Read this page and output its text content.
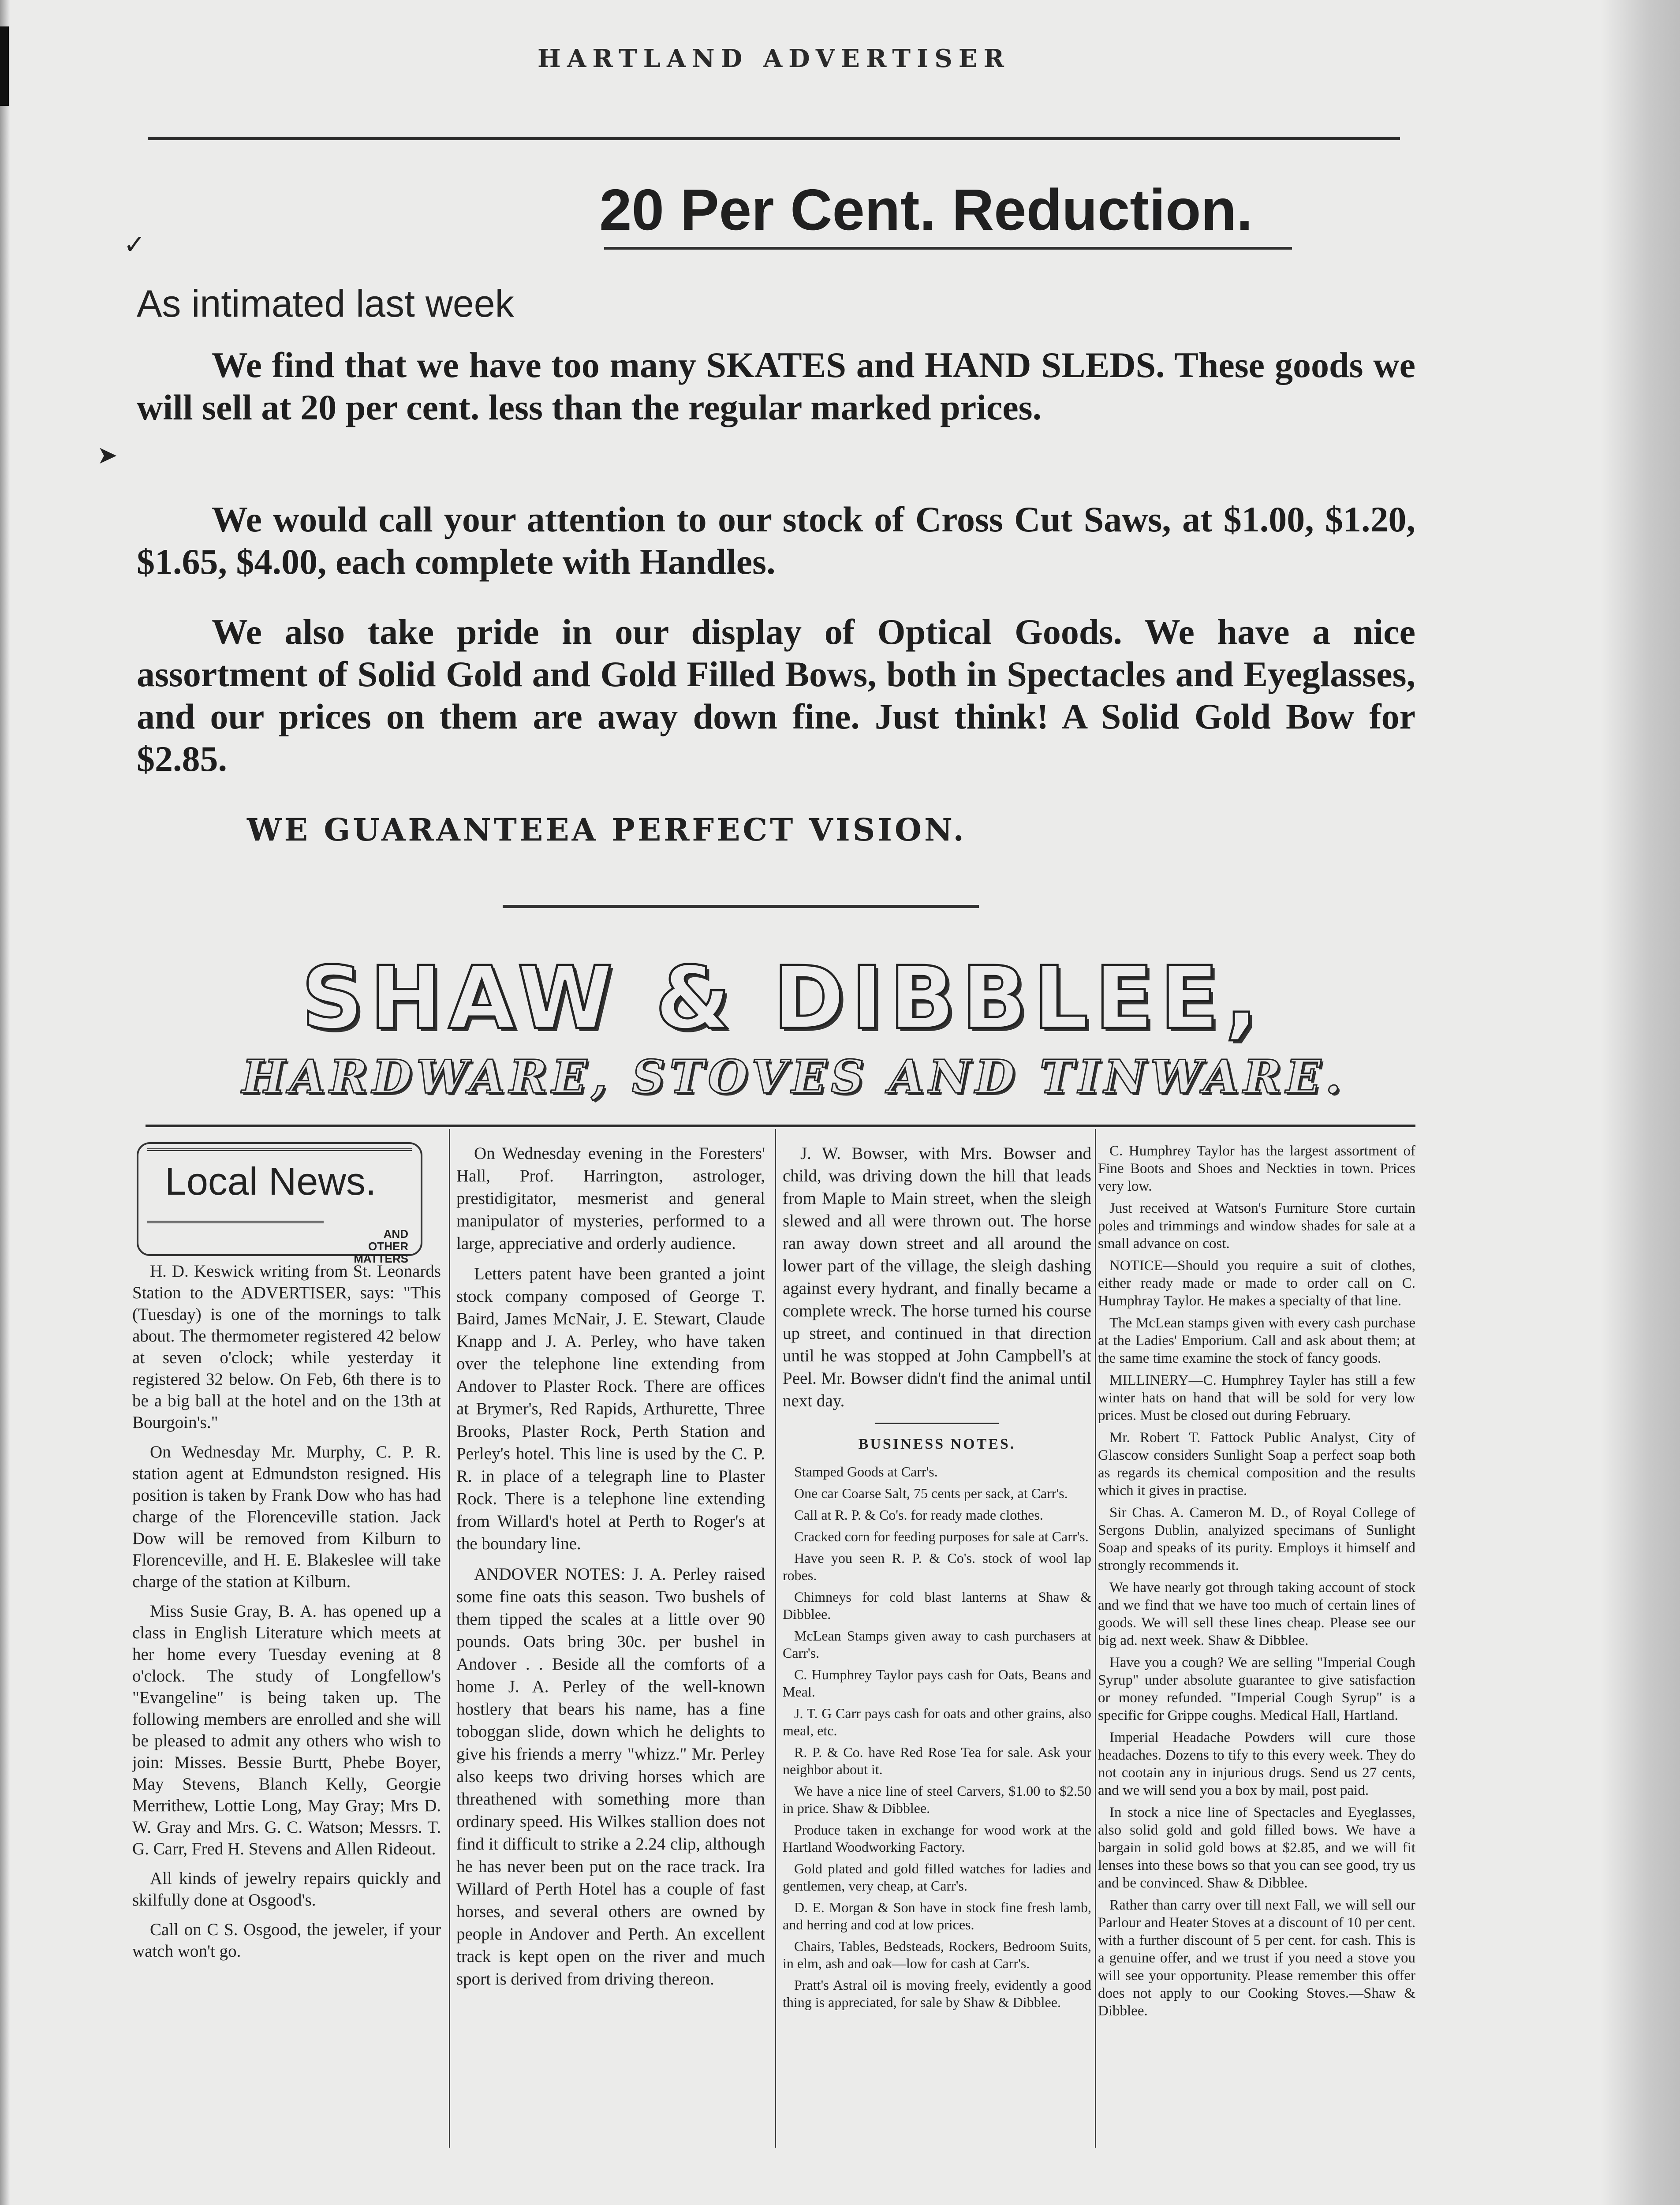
✓
➤
HARTLAND ADVERTISER
20 Per Cent. Reduction.
As intimated last week
We find that we have too many SKATES and HAND SLEDS. These goods we will sell at 20 per cent. less than the regular marked prices.
We would call your attention to our stock of Cross Cut Saws, at $1.00, $1.20, $1.65, $4.00, each complete with Handles.
We also take pride in our display of Optical Goods. We have a nice assortment of Solid Gold and Gold Filled Bows, both in Spectacles and Eyeglasses, and our prices on them are away down fine. Just think! A Solid Gold Bow for $2.85.
WE GUARANTEEA PERFECT VISION.
SHAW & DIBBLEE,
HARDWARE, STOVES AND TINWARE.
Local News.
AND OTHER MATTERS

H. D. Keswick writing from St. Leonards Station to the ADVERTISER, says: "This (Tuesday) is one of the mornings to talk about. The thermometer registered 42 below at seven o'clock; while yesterday it registered 32 below. On Feb, 6th there is to be a big ball at the hotel and on the 13th at Bourgoin's."

On Wednesday Mr. Murphy, C. P. R. station agent at Edmundston resigned. His position is taken by Frank Dow who has had charge of the Florenceville station. Jack Dow will be removed from Kilburn to Florenceville, and H. E. Blakeslee will take charge of the station at Kilburn.

Miss Susie Gray, B. A. has opened up a class in English Literature which meets at her home every Tuesday evening at 8 o'clock. The study of Longfellow's "Evangeline" is being taken up. The following members are enrolled and she will be pleased to admit any others who wish to join: Misses. Bessie Burtt, Phebe Boyer, May Stevens, Blanch Kelly, Georgie Merrithew, Lottie Long, May Gray; Mrs D. W. Gray and Mrs. G. C. Watson; Messrs. T. G. Carr, Fred H. Stevens and Allen Rideout.

All kinds of jewelry repairs quickly and skilfully done at Osgood's.

Call on C S. Osgood, the jeweler, if your watch won't go.

On Wednesday evening in the Foresters' Hall, Prof. Harrington, astrologer, prestidigitator, mesmerist and general manipulator of mysteries, performed to a large, appreciative and orderly audience.

Letters patent have been granted a joint stock company composed of George T. Baird, James McNair, J. E. Stewart, Claude Knapp and J. A. Perley, who have taken over the telephone line extending from Andover to Plaster Rock. There are offices at Brymer's, Red Rapids, Arthurette, Three Brooks, Plaster Rock, Perth Station and Perley's hotel. This line is used by the C. P. R. in place of a telegraph line to Plaster Rock. There is a telephone line extending from Willard's hotel at Perth to Roger's at the boundary line.

ANDOVER NOTES: J. A. Perley raised some fine oats this season. Two bushels of them tipped the scales at a little over 90 pounds. Oats bring 30c. per bushel in Andover . . Beside all the comforts of a home J. A. Perley of the well-known hostlery that bears his name, has a fine toboggan slide, down which he delights to give his friends a merry "whizz." Mr. Perley also keeps two driving horses which are threathened with something more than ordinary speed. His Wilkes stallion does not find it difficult to strike a 2.24 clip, although he has never been put on the race track. Ira Willard of Perth Hotel has a couple of fast horses, and several others are owned by people in Andover and Perth. An excellent track is kept open on the river and much sport is derived from driving thereon.

J. W. Bowser, with Mrs. Bowser and child, was driving down the hill that leads from Maple to Main street, when the sleigh slewed and all were thrown out. The horse ran away down street and all around the lower part of the village, the sleigh dashing against every hydrant, and finally became a complete wreck. The horse turned his course up street, and continued in that direction until he was stopped at John Campbell's at Peel. Mr. Bowser didn't find the animal until next day.

BUSINESS NOTES.

Stamped Goods at Carr's.

One car Coarse Salt, 75 cents per sack, at Carr's.

Call at R. P. & Co's. for ready made clothes.

Cracked corn for feeding purposes for sale at Carr's.

Have you seen R. P. & Co's. stock of wool lap robes.

Chimneys for cold blast lanterns at Shaw & Dibblee.

McLean Stamps given away to cash purchasers at Carr's.

C. Humphrey Taylor pays cash for Oats, Beans and Meal.

J. T. G Carr pays cash for oats and other grains, also meal, etc.

R. P. & Co. have Red Rose Tea for sale. Ask your neighbor about it.

We have a nice line of steel Carvers, $1.00 to $2.50 in price. Shaw & Dibblee.

Produce taken in exchange for wood work at the Hartland Woodworking Factory.

Gold plated and gold filled watches for ladies and gentlemen, very cheap, at Carr's.

D. E. Morgan & Son have in stock fine fresh lamb, and herring and cod at low prices.

Chairs, Tables, Bedsteads, Rockers, Bedroom Suits, in elm, ash and oak—low for cash at Carr's.

Pratt's Astral oil is moving freely, evidently a good thing is appreciated, for sale by Shaw & Dibblee.

C. Humphrey Taylor has the largest assortment of Fine Boots and Shoes and Neckties in town. Prices very low.

Just received at Watson's Furniture Store curtain poles and trimmings and window shades for sale at a small advance on cost.

NOTICE—Should you require a suit of clothes, either ready made or made to order call on C. Humphray Taylor. He makes a specialty of that line.

The McLean stamps given with every cash purchase at the Ladies' Emporium. Call and ask about them; at the same time examine the stock of fancy goods.

MILLINERY—C. Humphrey Tayler has still a few winter hats on hand that will be sold for very low prices. Must be closed out during February.

Mr. Robert T. Fattock Public Analyst, City of Glascow considers Sunlight Soap a perfect soap both as regards its chemical composition and the results which it gives in practise.

Sir Chas. A. Cameron M. D., of Royal College of Sergons Dublin, analyized specimans of Sunlight Soap and speaks of its purity. Employs it himself and strongly recommends it.

We have nearly got through taking account of stock and we find that we have too much of certain lines of goods. We will sell these lines cheap. Please see our big ad. next week. Shaw & Dibblee.

Have you a cough? We are selling "Imperial Cough Syrup" under absolute guarantee to give satisfaction or money refunded. "Imperial Cough Syrup" is a specific for Grippe coughs. Medical Hall, Hartland.

Imperial Headache Powders will cure those headaches. Dozens to tify to this every week. They do not cootain any in injurious drugs. Send us 27 cents, and we will send you a box by mail, post paid.

In stock a nice line of Spectacles and Eyeglasses, also solid gold and gold filled bows. We have a bargain in solid gold bows at $2.85, and we will fit lenses into these bows so that you can see good, try us and be convinced. Shaw & Dibblee.

Rather than carry over till next Fall, we will sell our Parlour and Heater Stoves at a discount of 10 per cent. with a further discount of 5 per cent. for cash. This is a genuine offer, and we trust if you need a stove you will see your opportunity. Please remember this offer does not apply to our Cooking Stoves.—Shaw & Dibblee.
